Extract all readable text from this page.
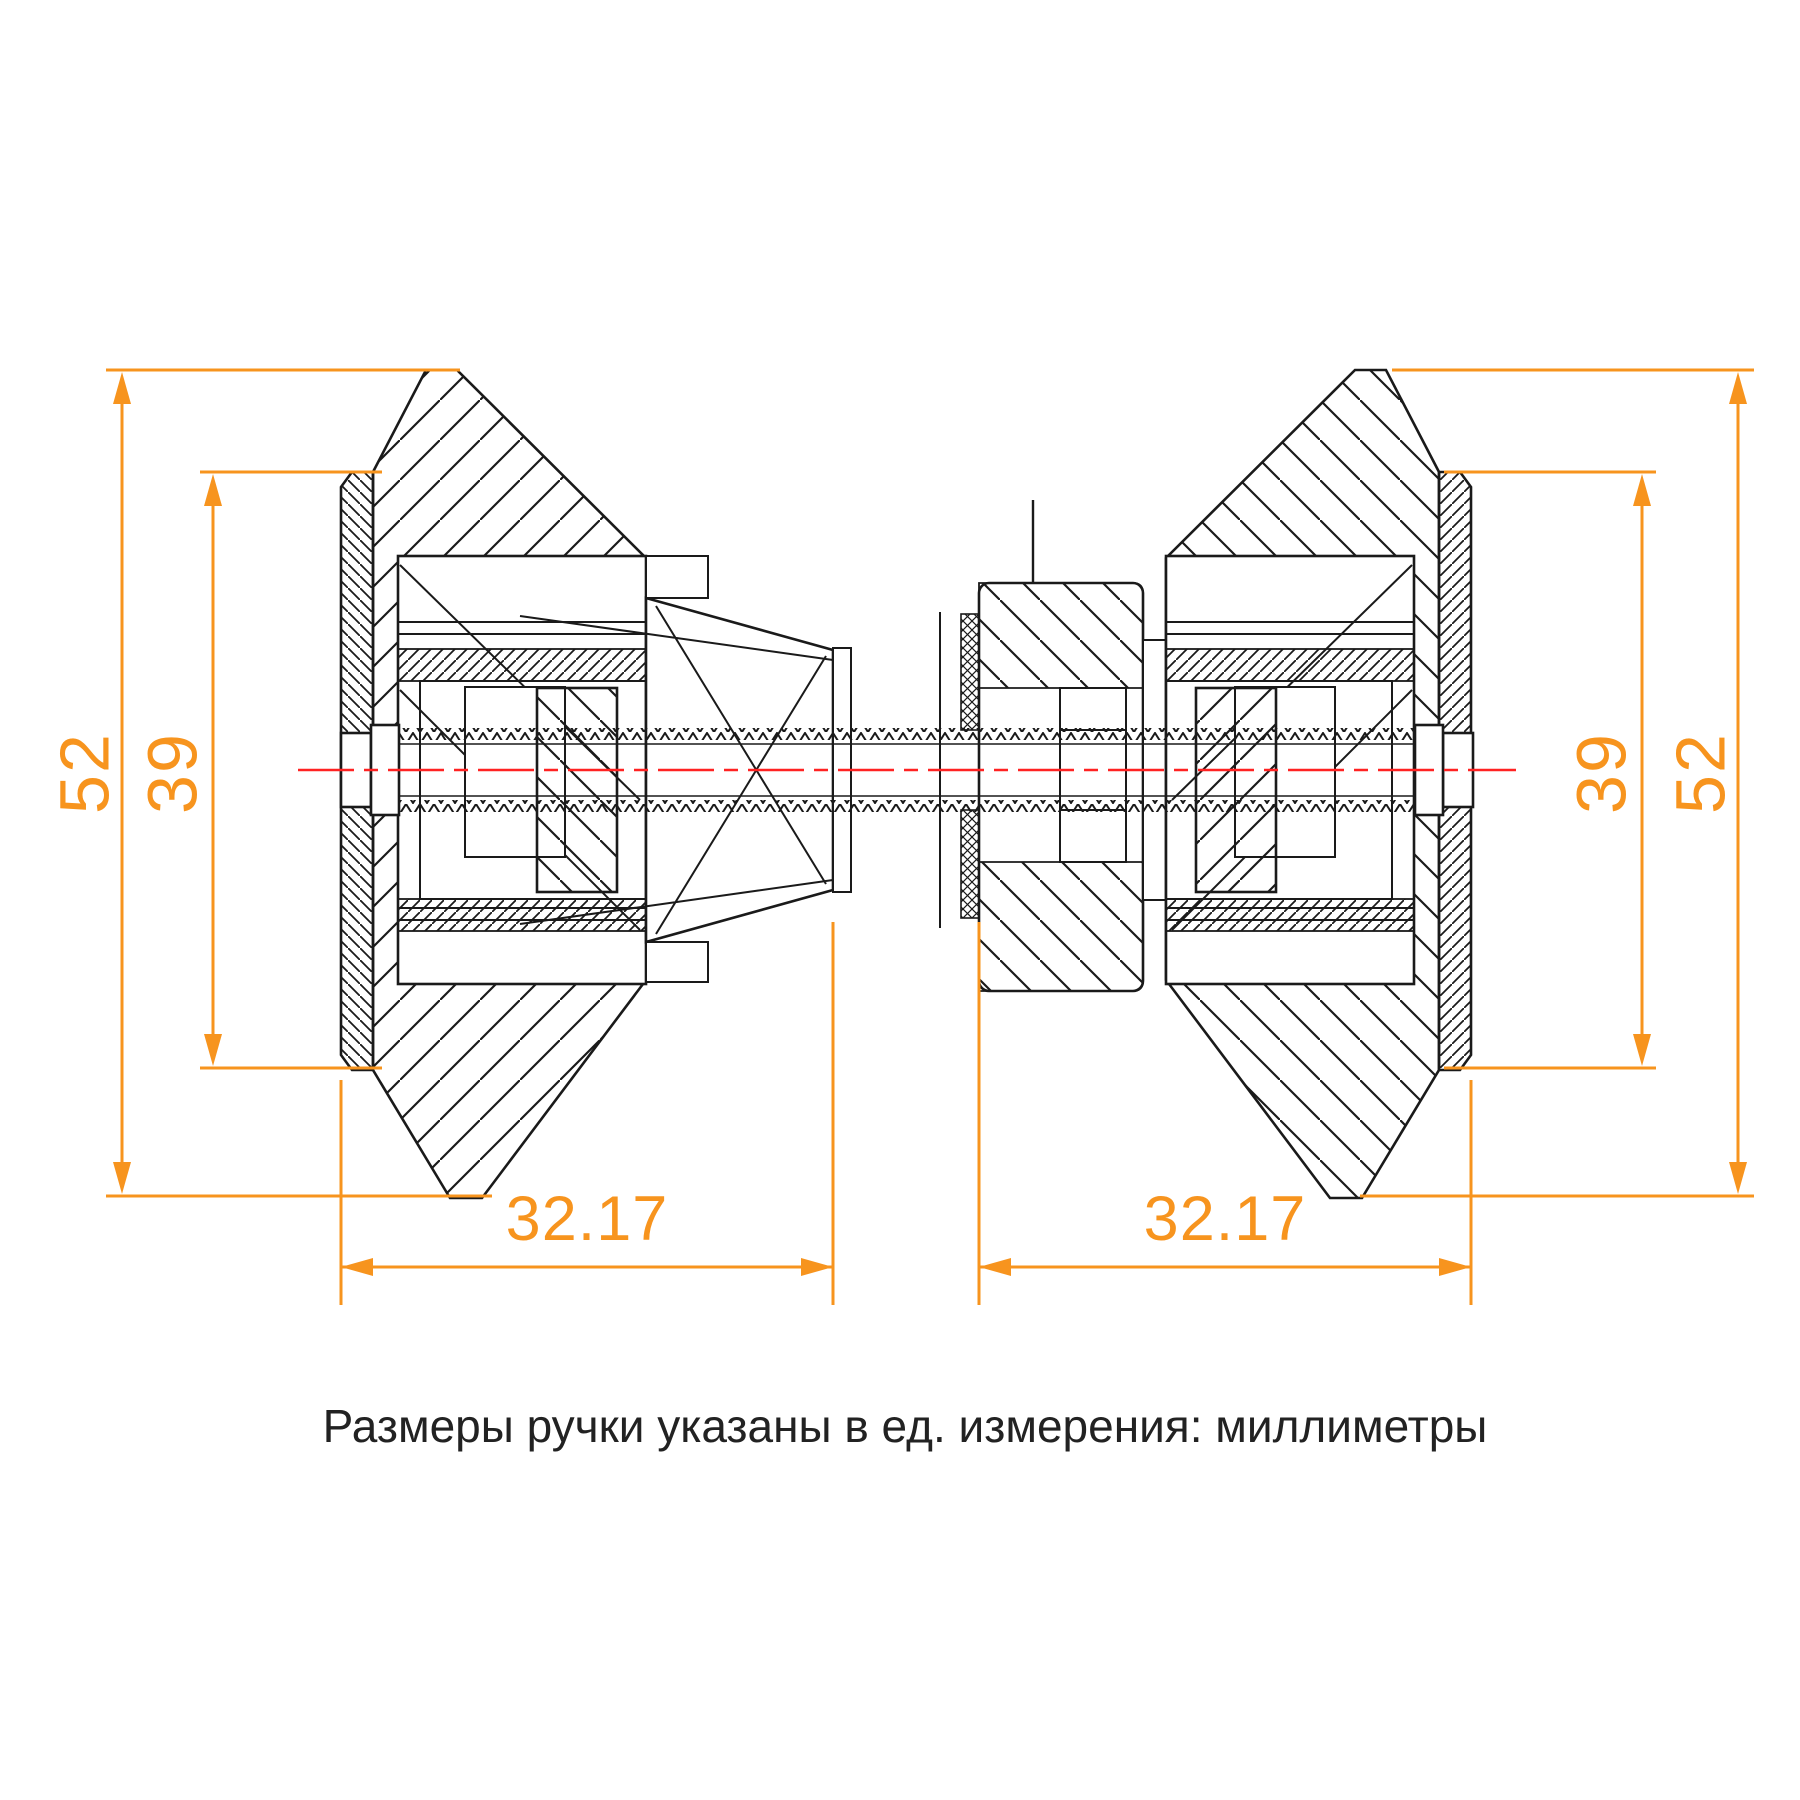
52 39	39 52
32.17	32.17
Размеры ручки указаны в ед. измерения: миллиметры
